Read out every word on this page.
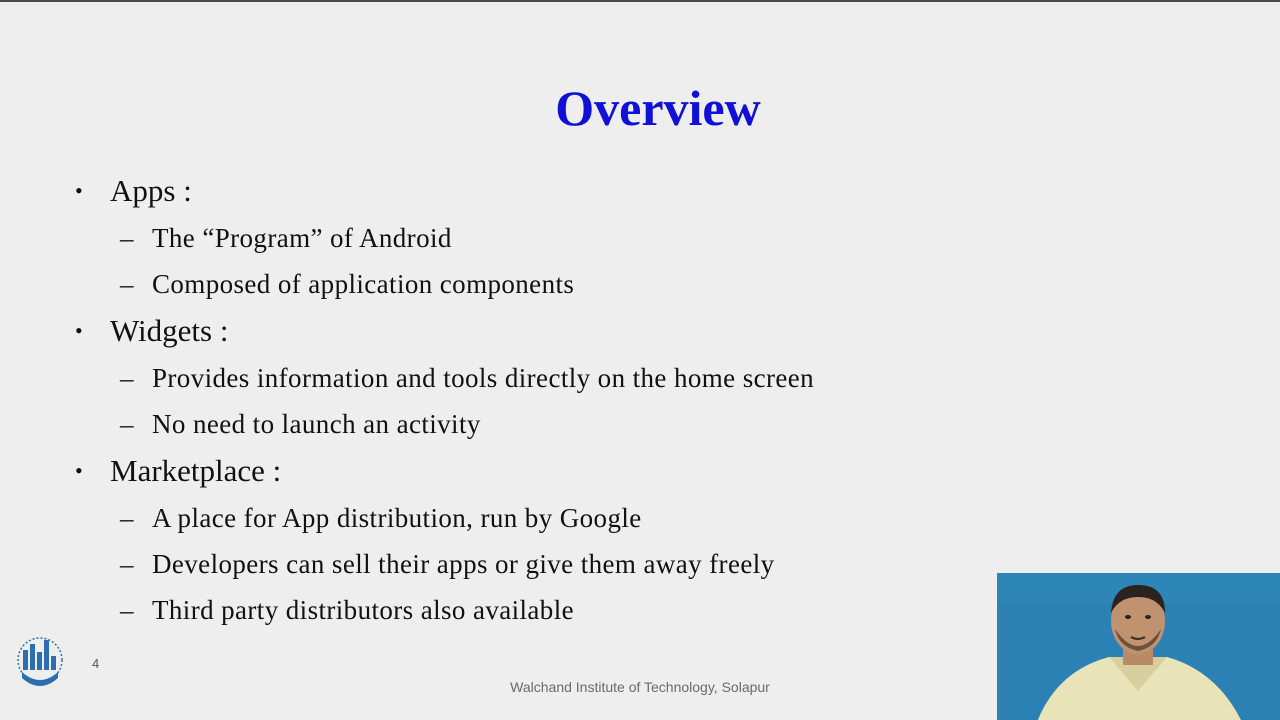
Overview
• Apps :
– The “Program” of Android
– Composed of application components
• Widgets :
– Provides information and tools directly on the home screen
– No need to launch an activity
• Marketplace :
– A place for App distribution, run by Google
– Developers can sell their apps or give them away freely
– Third party distributors also available
4
Walchand Institute of Technology, Solapur
